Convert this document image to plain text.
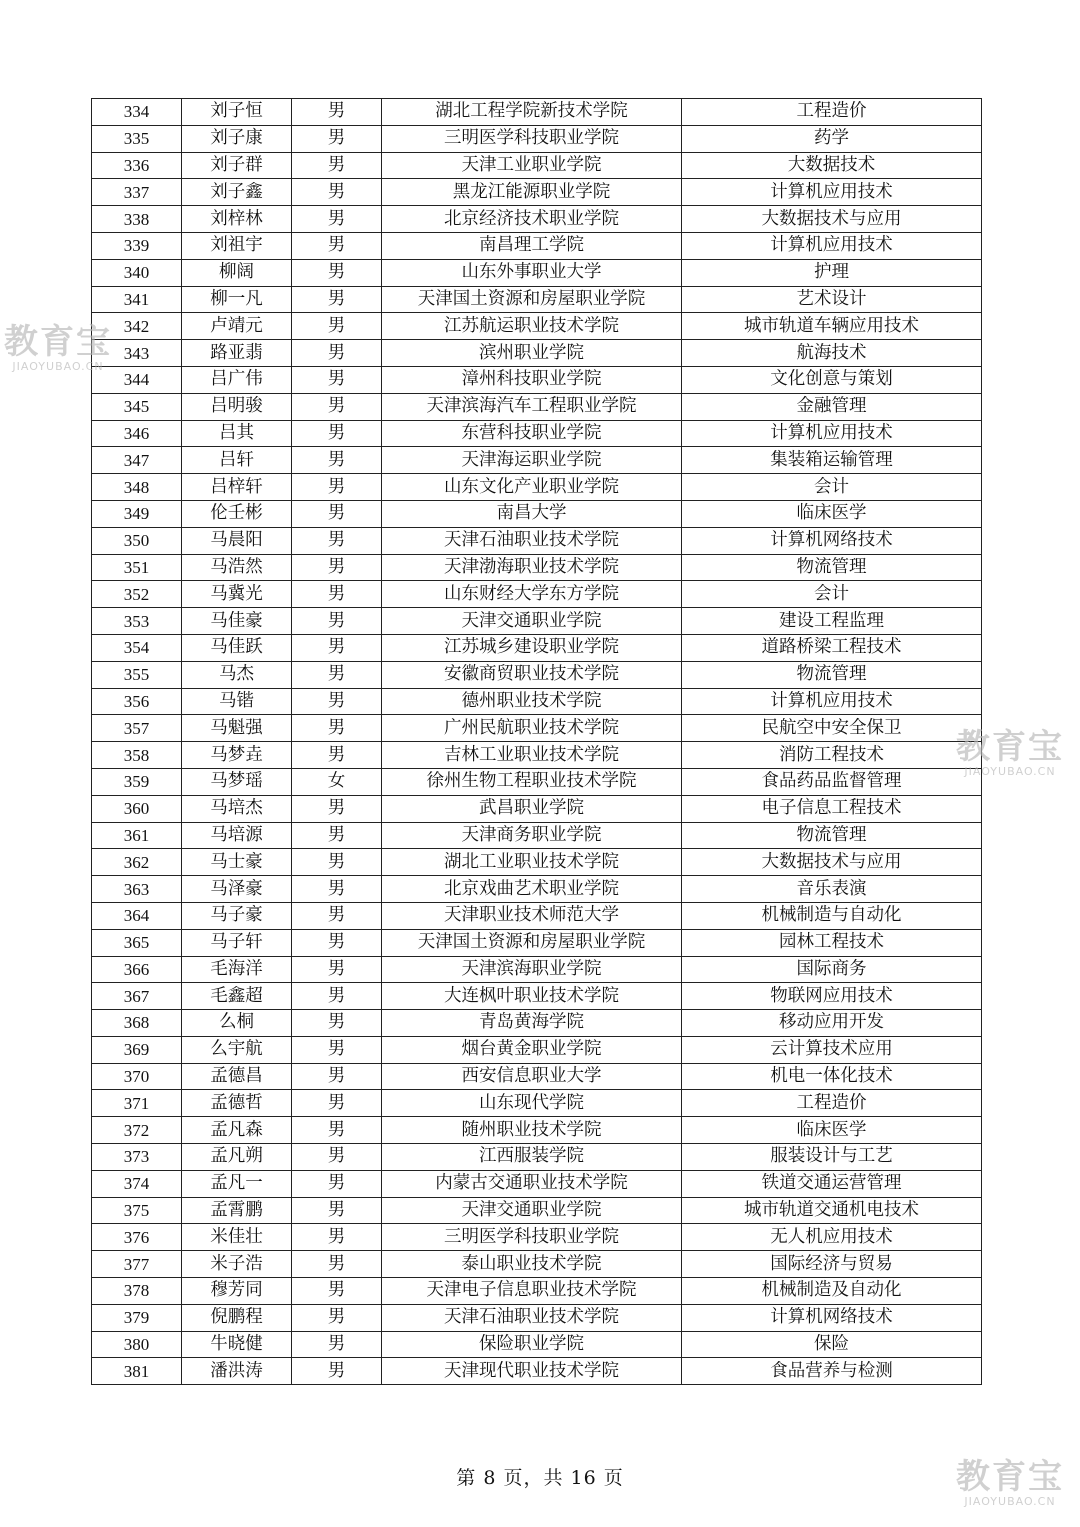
334	刘子恒	男	湖北工程学院新技术学院	工程造价
335	刘子康	男	三明医学科技职业学院	药学
336	刘子群	男	天津工业职业学院	大数据技术
337	刘子鑫	男	黑龙江能源职业学院	计算机应用技术
338	刘梓林	男	北京经济技术职业学院	大数据技术与应用
339	刘祖宇	男	南昌理工学院	计算机应用技术
340	柳阔	男	山东外事职业大学	护理
341	柳一凡	男	天津国土资源和房屋职业学院	艺术设计
342	卢靖元	男	江苏航运职业技术学院	城市轨道车辆应用技术
343	路亚翡	男	滨州职业学院	航海技术
344	吕广伟	男	漳州科技职业学院	文化创意与策划
345	吕明骏	男	天津滨海汽车工程职业学院	金融管理
346	吕其	男	东营科技职业学院	计算机应用技术
347	吕轩	男	天津海运职业学院	集装箱运输管理
348	吕梓轩	男	山东文化产业职业学院	会计
349	伦壬彬	男	南昌大学	临床医学
350	马晨阳	男	天津石油职业技术学院	计算机网络技术
351	马浩然	男	天津渤海职业技术学院	物流管理
352	马冀光	男	山东财经大学东方学院	会计
353	马佳豪	男	天津交通职业学院	建设工程监理
354	马佳跃	男	江苏城乡建设职业学院	道路桥梁工程技术
355	马杰	男	安徽商贸职业技术学院	物流管理
356	马锴	男	德州职业技术学院	计算机应用技术
357	马魁强	男	广州民航职业技术学院	民航空中安全保卫
358	马梦垚	男	吉林工业职业技术学院	消防工程技术
359	马梦瑶	女	徐州生物工程职业技术学院	食品药品监督管理
360	马培杰	男	武昌职业学院	电子信息工程技术
361	马培源	男	天津商务职业学院	物流管理
362	马士豪	男	湖北工业职业技术学院	大数据技术与应用
363	马泽豪	男	北京戏曲艺术职业学院	音乐表演
364	马子豪	男	天津职业技术师范大学	机械制造与自动化
365	马子轩	男	天津国土资源和房屋职业学院	园林工程技术
366	毛海洋	男	天津滨海职业学院	国际商务
367	毛鑫超	男	大连枫叶职业技术学院	物联网应用技术
368	么桐	男	青岛黄海学院	移动应用开发
369	么宇航	男	烟台黄金职业学院	云计算技术应用
370	孟德昌	男	西安信息职业大学	机电一体化技术
371	孟德哲	男	山东现代学院	工程造价
372	孟凡森	男	随州职业技术学院	临床医学
373	孟凡朔	男	江西服装学院	服装设计与工艺
374	孟凡一	男	内蒙古交通职业技术学院	铁道交通运营管理
375	孟霄鹏	男	天津交通职业学院	城市轨道交通机电技术
376	米佳壮	男	三明医学科技职业学院	无人机应用技术
377	米子浩	男	泰山职业技术学院	国际经济与贸易
378	穆芳同	男	天津电子信息职业技术学院	机械制造及自动化
379	倪鹏程	男	天津石油职业技术学院	计算机网络技术
380	牛晓健	男	保险职业学院	保险
381	潘洪涛	男	天津现代职业技术学院	食品营养与检测
第 8 页，共 16 页
教育宝
JIAOYUBAO.CN
教育宝
JIAOYUBAO.CN
教育宝
JIAOYUBAO.CN
